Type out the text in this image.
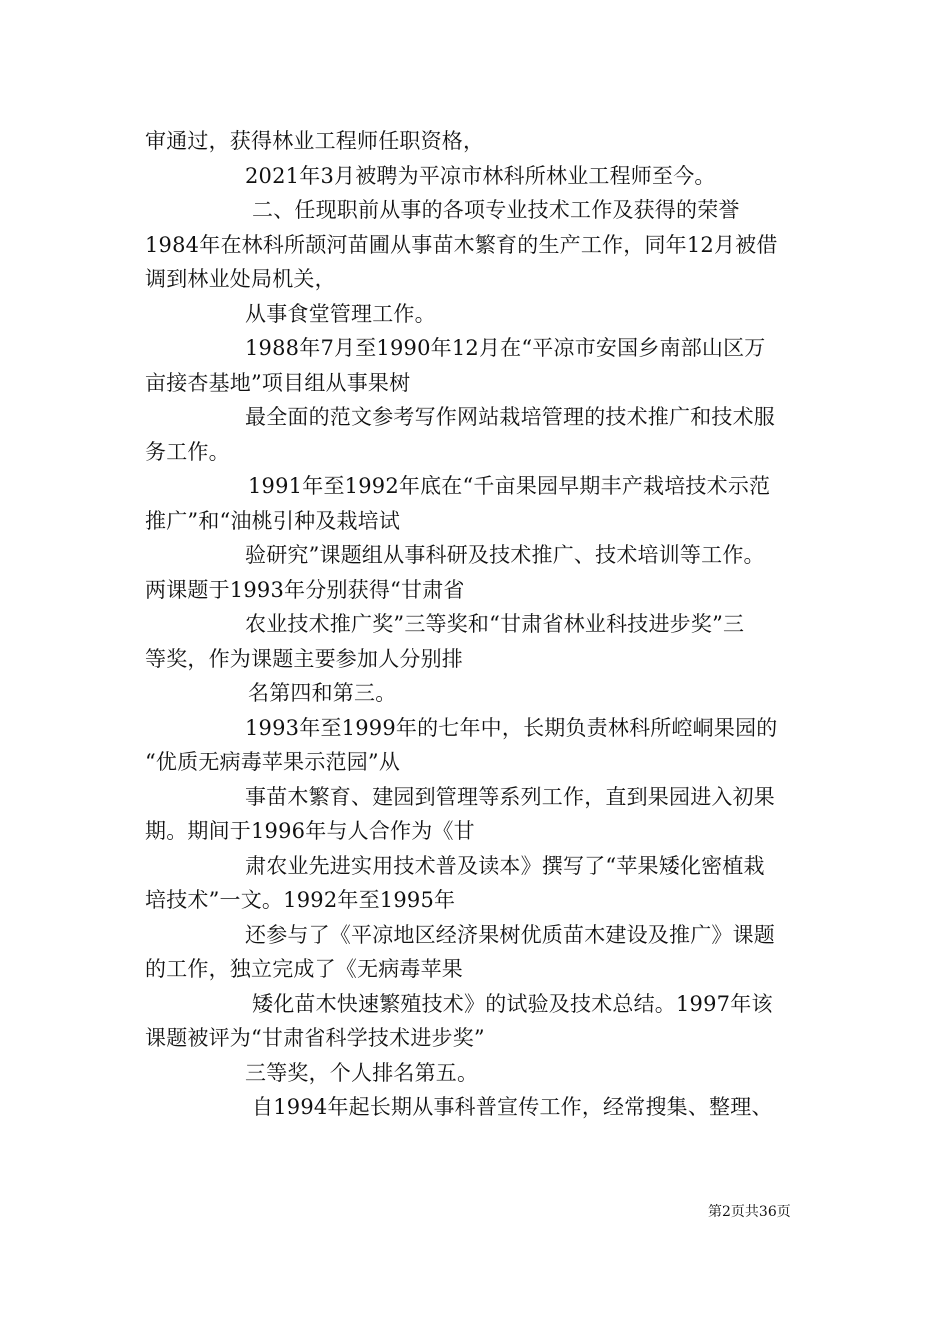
审通过，获得林业工程师任职资格，
2021年3月被聘为平凉市林科所林业工程师至今。
二、任现职前从事的各项专业技术工作及获得的荣誉
1984年在林科所颉河苗圃从事苗木繁育的生产工作，同年12月被借
调到林业处局机关，
从事食堂管理工作。
1988年7月至1990年12月在“平凉市安国乡南部山区万
亩接杏基地”项目组从事果树
最全面的范文参考写作网站栽培管理的技术推广和技术服
务工作。
1991年至1992年底在“千亩果园早期丰产栽培技术示范
推广”和“油桃引种及栽培试
验研究”课题组从事科研及技术推广、技术培训等工作。
两课题于1993年分别获得“甘肃省
农业技术推广奖”三等奖和“甘肃省林业科技进步奖”三
等奖，作为课题主要参加人分别排
名第四和第三。
1993年至1999年的七年中，长期负责林科所崆峒果园的
“优质无病毒苹果示范园”从
事苗木繁育、建园到管理等系列工作，直到果园进入初果
期。期间于1996年与人合作为《甘
肃农业先进实用技术普及读本》撰写了“苹果矮化密植栽
培技术”一文。1992年至1995年
还参与了《平凉地区经济果树优质苗木建设及推广》课题
的工作，独立完成了《无病毒苹果
矮化苗木快速繁殖技术》的试验及技术总结。1997年该
课题被评为“甘肃省科学技术进步奖”
三等奖，个人排名第五。
自1994年起长期从事科普宣传工作，经常搜集、整理、
第2页共36页
